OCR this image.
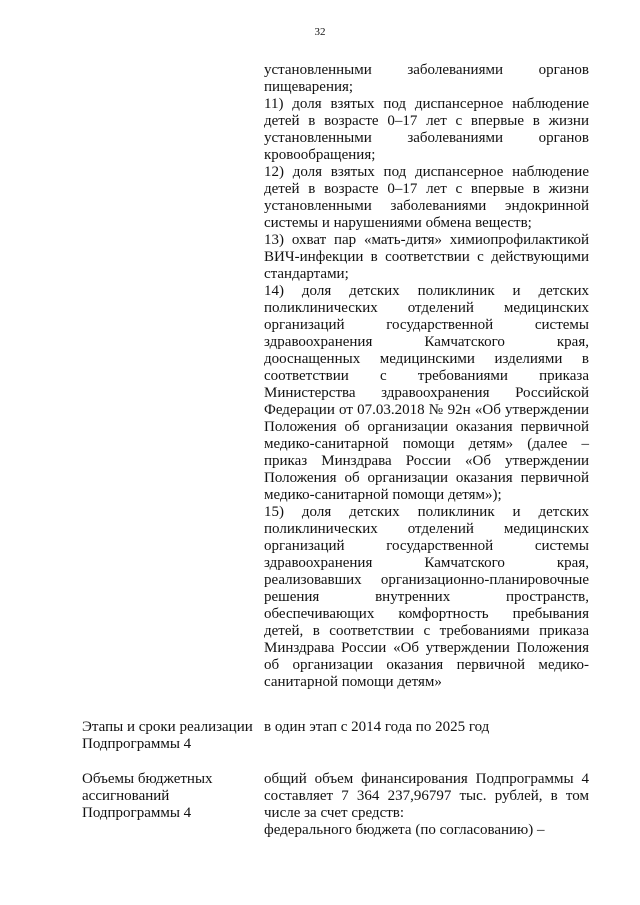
32

установленными заболеваниями органов

пищеварения;

11) доля взятых под диспансерное наблюдение детей в возрасте 0–17 лет с впервые в жизни установленными заболеваниями органов

кровообращения;

12) доля взятых под диспансерное наблюдение детей в возрасте 0–17 лет с впервые в жизни установленными заболеваниями эндокринной

системы и нарушениями обмена веществ;

13) охват пар «мать-дитя» химиопрофилактикой ВИЧ-инфекции в соответствии с действующими стандартами;

14) доля детских поликлиник и детских поликлинических отделений медицинских организаций государственной системы здравоохранения Камчатского края, дооснащенных медицинскими изделиями в соответствии с требованиями приказа Министерства здравоохранения Российской Федерации от 07.03.2018 № 92н «Об утверждении Положения об организации оказания первичной медико-санитарной помощи детям» (далее – приказ Минздрава России «Об утверждении Положения об организации оказания первичной медико-санитарной помощи детям»);

15) доля детских поликлиник и детских поликлинических отделений медицинских организаций государственной системы здравоохранения Камчатского края, реализовавших организационно-планировочные решения внутренних пространств, обеспечивающих комфортность пребывания детей, в соответствии с требованиями приказа Минздрава России «Об утверждении Положения об организации оказания первичной медико-санитарной помощи детям»

Этапы и сроки реализации Подпрограммы 4
в один этап с 2014 года по 2025 год
Объемы бюджетных ассигнований Подпрограммы 4

общий объем финансирования Подпрограммы 4 составляет 7 364 237,96797 тыс. рублей, в том числе за счет средств:

федерального бюджета (по согласованию) –
